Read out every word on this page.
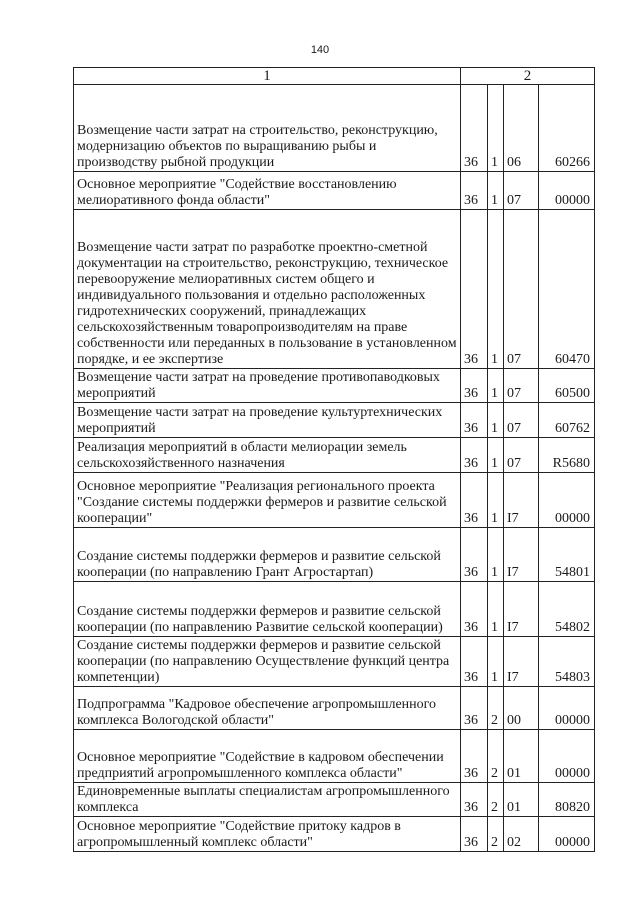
140
1	2			
Возмещение части затрат на строительство, реконструкцию, модернизацию объектов по выращиванию рыбы и производству рыбной продукции	36	1	06	60266
Основное мероприятие "Содействие восстановлению мелиоративного фонда области"	36	1	07	00000
Возмещение части затрат по разработке проектно-сметной документации на строительство, реконструкцию, техническое перевооружение мелиоративных систем общего и индивидуального пользования и отдельно расположенных гидротехнических сооружений, принадлежащих сельскохозяйственным товаропроизводителям на праве собственности или переданных в пользование в установленном порядке, и ее экспертизе	36	1	07	60470
Возмещение части затрат на проведение противопаводковых мероприятий	36	1	07	60500
Возмещение части затрат на проведение культуртехнических мероприятий	36	1	07	60762
Реализация мероприятий в области мелиорации земель сельскохозяйственного назначения	36	1	07	R5680
Основное мероприятие "Реализация регионального проекта "Создание системы поддержки фермеров и развитие сельской кооперации"	36	1	I7	00000
Создание системы поддержки фермеров и развитие сельской кооперации (по направлению Грант Агростартап)	36	1	I7	54801
Создание системы поддержки фермеров и развитие сельской кооперации (по направлению Развитие сельской кооперации)	36	1	I7	54802
Создание системы поддержки фермеров и развитие сельской кооперации (по направлению Осуществление функций центра компетенции)	36	1	I7	54803
Подпрограмма "Кадровое обеспечение агропромышленного комплекса Вологодской области"	36	2	00	00000
Основное мероприятие "Содействие в кадровом обеспечении предприятий агропромышленного комплекса области"	36	2	01	00000
Единовременные выплаты специалистам агропромышленного комплекса	36	2	01	80820
Основное мероприятие "Содействие притоку кадров в агропромышленный комплекс области"	36	2	02	00000
